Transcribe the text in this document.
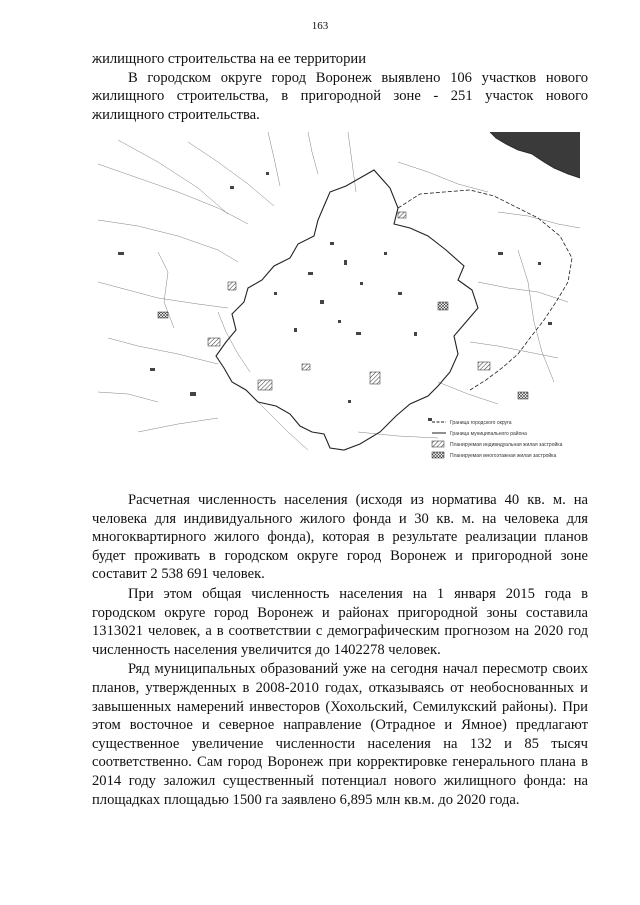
163

жилищного строительства на ее территории

В городском округе город Воронеж выявлено 106 участков нового жилищного строительства, в пригородной зоне - 251 участок нового жилищного строительства.

Граница городского округа
Граница муниципального района
Планируемая индивидуальная жилая застройка
Планируемая многоэтажная жилая застройка

Расчетная численность населения (исходя из норматива 40 кв. м. на человека для индивидуального жилого фонда и 30 кв. м. на человека для многоквартирного жилого фонда), которая в результате реализации планов будет проживать в городском округе город Воронеж и пригородной зоне составит 2 538 691 человек.

При этом общая численность населения на 1 января 2015 года в городском округе город Воронеж и районах пригородной зоны составила 1313021 человек, а в соответствии с демографическим прогнозом на 2020 год численность населения увеличится до 1402278 человек.

Ряд муниципальных образований уже на сегодня начал пересмотр своих планов, утвержденных в 2008-2010 годах, отказываясь от необоснованных и завышенных намерений инвесторов (Хохольский, Семилукский районы). При этом восточное и северное направление (Отрадное и Ямное) предлагают существенное увеличение численности населения на 132 и 85 тысяч соответственно. Сам город Воронеж при корректировке генерального плана в 2014 году заложил существенный потенциал нового жилищного фонда: на площадках площадью 1500 га заявлено 6,895 млн кв.м. до 2020 года.
